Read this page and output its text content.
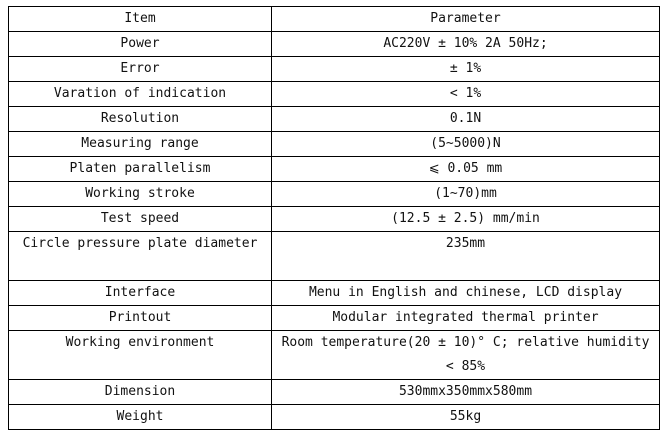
Item	Parameter
Power	AC220V ± 10% 2A 50Hz;
Error	± 1%
Varation of indication	< 1%
Resolution	0.1N
Measuring range	(5~5000)N
Platen parallelism	⩽ 0.05 mm
Working stroke	(1~70)mm
Test speed	(12.5 ± 2.5) mm/min
Circle pressure plate diameter	235mm
Interface	Menu in English and chinese, LCD display
Printout	Modular integrated thermal printer
Working environment	Room temperature(20 ± 10)° C; relative humidity < 85%
Dimension	530mmx350mmx580mm
Weight	55kg
